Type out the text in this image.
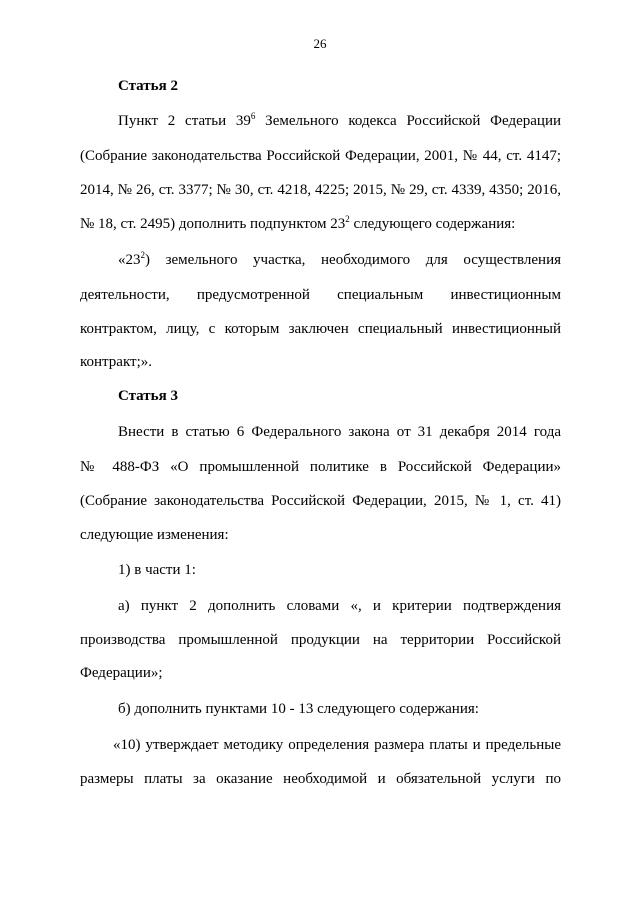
26
Статья 2
Пункт 2 статьи $39^6$ Земельного кодекса Российской Федерации
(Собрание законодательства Российской Федерации, 2001, № 44, ст. 4147;
2014, № 26, ст. 3377; № 30, ст. 4218, 4225; 2015, № 29, ст. 4339, 4350; 2016,
№ 18, ст. 2495) дополнить подпунктом $23^2$ следующего содержания:
«$23^2$) земельного участка, необходимого для осуществления
деятельности, предусмотренной специальным инвестиционным
контрактом, лицу, с которым заключен специальный инвестиционный
контракт;».
Статья 3
Внести в статью 6 Федерального закона от 31 декабря 2014 года
№ 488-ФЗ «О промышленной политике в Российской Федерации»
(Собрание законодательства Российской Федерации, 2015, № 1, ст. 41)
следующие изменения:
1) в части 1:
а) пункт 2 дополнить словами «, и критерии подтверждения
производства промышленной продукции на территории Российской
Федерации»;
б) дополнить пунктами 10 - 13 следующего содержания:
«10) утверждает методику определения размера платы и предельные
размеры платы за оказание необходимой и обязательной услуги по
